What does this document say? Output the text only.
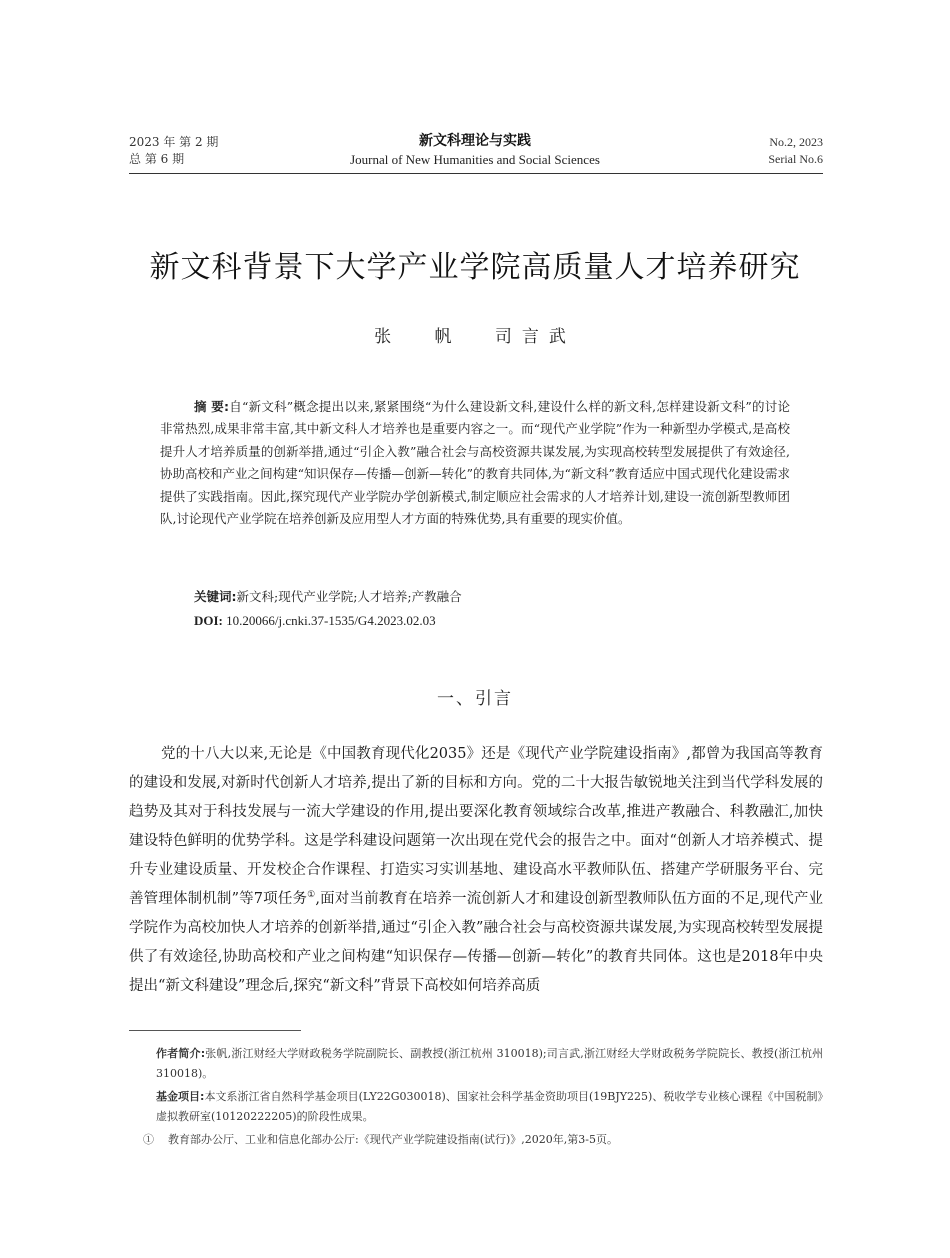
2023 年 第 2 期
总 第 6 期
新文科理论与实践
Journal of New Humanities and Social Sciences
No.2, 2023
Serial No.6
新文科背景下大学产业学院高质量人才培养研究
张 帆 司言武

摘 要:自“新文科”概念提出以来,紧紧围绕“为什么建设新文科,建设什么样的新文科,怎样建设新文科”的讨论非常热烈,成果非常丰富,其中新文科人才培养也是重要内容之一。而“现代产业学院”作为一种新型办学模式,是高校提升人才培养质量的创新举措,通过“引企入教”融合社会与高校资源共谋发展,为实现高校转型发展提供了有效途径,协助高校和产业之间构建“知识保存—传播—创新—转化”的教育共同体,为“新文科”教育适应中国式现代化建设需求提供了实践指南。因此,探究现代产业学院办学创新模式,制定顺应社会需求的人才培养计划,建设一流创新型教师团队,讨论现代产业学院在培养创新及应用型人才方面的特殊优势,具有重要的现实价值。

关键词:新文科;现代产业学院;人才培养;产教融合
DOI: 10.20066/j.cnki.37-1535/G4.2023.02.03
一、引言

党的十八大以来,无论是《中国教育现代化2035》还是《现代产业学院建设指南》,都曾为我国高等教育的建设和发展,对新时代创新人才培养,提出了新的目标和方向。党的二十大报告敏锐地关注到当代学科发展的趋势及其对于科技发展与一流大学建设的作用,提出要深化教育领域综合改革,推进产教融合、科教融汇,加快建设特色鲜明的优势学科。这是学科建设问题第一次出现在党代会的报告之中。面对“创新人才培养模式、提升专业建设质量、开发校企合作课程、打造实习实训基地、建设高水平教师队伍、搭建产学研服务平台、完善管理体制机制”等7项任务①,面对当前教育在培养一流创新人才和建设创新型教师队伍方面的不足,现代产业学院作为高校加快人才培养的创新举措,通过“引企入教”融合社会与高校资源共谋发展,为实现高校转型发展提供了有效途径,协助高校和产业之间构建“知识保存—传播—创新—转化”的教育共同体。这也是2018年中央提出“新文科建设”理念后,探究“新文科”背景下高校如何培养高质

作者简介:张帆,浙江财经大学财政税务学院副院长、副教授(浙江杭州 310018);司言武,浙江财经大学财政税务学院院长、教授(浙江杭州 310018)。

基金项目:本文系浙江省自然科学基金项目(LY22G030018)、国家社会科学基金资助项目(19BJY225)、税收学专业核心课程《中国税制》虚拟教研室(10120222205)的阶段性成果。

① 教育部办公厅、工业和信息化部办公厅:《现代产业学院建设指南(试行)》,2020年,第3-5页。
